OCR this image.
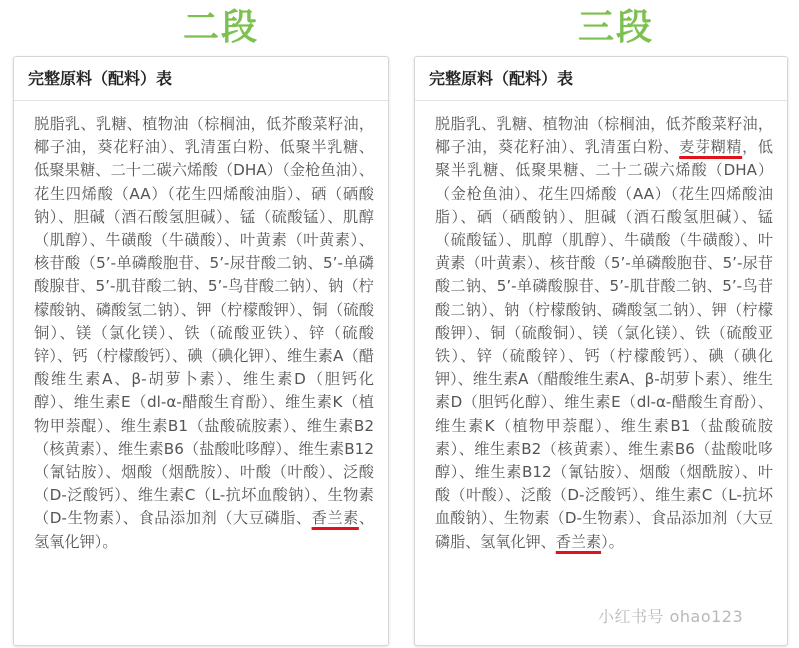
二段	三段
完整原料（配料）表
脱脂乳、乳糖、植物油（棕榈油，低芥酸菜籽油，椰子油，葵花籽油）、乳清蛋白粉、低聚半乳糖、低聚果糖、二十二碳六烯酸（DHA）（金枪鱼油）、花生四烯酸（AA）（花生四烯酸油脂）、硒（硒酸钠）、胆碱（酒石酸氢胆碱）、锰（硫酸锰）、肌醇（肌醇）、牛磺酸（牛磺酸）、叶黄素（叶黄素）、核苷酸（5’-单磷酸胞苷、5’-尿苷酸二钠、5’-单磷酸腺苷、5’-肌苷酸二钠、5’-鸟苷酸二钠）、钠（柠檬酸钠、磷酸氢二钠）、钾（柠檬酸钾）、铜（硫酸铜）、镁（氯化镁）、铁（硫酸亚铁）、锌（硫酸锌）、钙（柠檬酸钙）、碘（碘化钾）、维生素A（醋酸维生素A、β-胡萝卜素）、维生素D（胆钙化醇）、维生素E（dl-α-醋酸生育酚）、维生素K（植物甲萘醌）、维生素B1（盐酸硫胺素）、维生素B2（核黄素）、维生素B6（盐酸吡哆醇）、维生素B12（氰钴胺）、烟酸（烟酰胺）、叶酸（叶酸）、泛酸（D-泛酸钙）、维生素C（L-抗坏血酸钠）、生物素（D-生物素）、食品添加剂（大豆磷脂、香兰素、氢氧化钾）。
完整原料（配料）表
脱脂乳、乳糖、植物油（棕榈油，低芥酸菜籽油，椰子油，葵花籽油）、乳清蛋白粉、麦芽糊精，低聚半乳糖、低聚果糖、二十二碳六烯酸（DHA）（金枪鱼油）、花生四烯酸（AA）（花生四烯酸油脂）、硒（硒酸钠）、胆碱（酒石酸氢胆碱）、锰（硫酸锰）、肌醇（肌醇）、牛磺酸（牛磺酸）、叶黄素（叶黄素）、核苷酸（5’-单磷酸胞苷、5’-尿苷酸二钠、5’-单磷酸腺苷、5’-肌苷酸二钠、5’-鸟苷酸二钠）、钠（柠檬酸钠、磷酸氢二钠）、钾（柠檬酸钾）、铜（硫酸铜）、镁（氯化镁）、铁（硫酸亚铁）、锌（硫酸锌）、钙（柠檬酸钙）、碘（碘化钾）、维生素A（醋酸维生素A、β-胡萝卜素）、维生素D（胆钙化醇）、维生素E（dl-α-醋酸生育酚）、维生素K（植物甲萘醌）、维生素B1（盐酸硫胺素）、维生素B2（核黄素）、维生素B6（盐酸吡哆醇）、维生素B12（氰钴胺）、烟酸（烟酰胺）、叶酸（叶酸）、泛酸（D-泛酸钙）、维生素C（L-抗坏血酸钠）、生物素（D-生物素）、食品添加剂（大豆磷脂、氢氧化钾、香兰素）。
小红书号 ohao123
